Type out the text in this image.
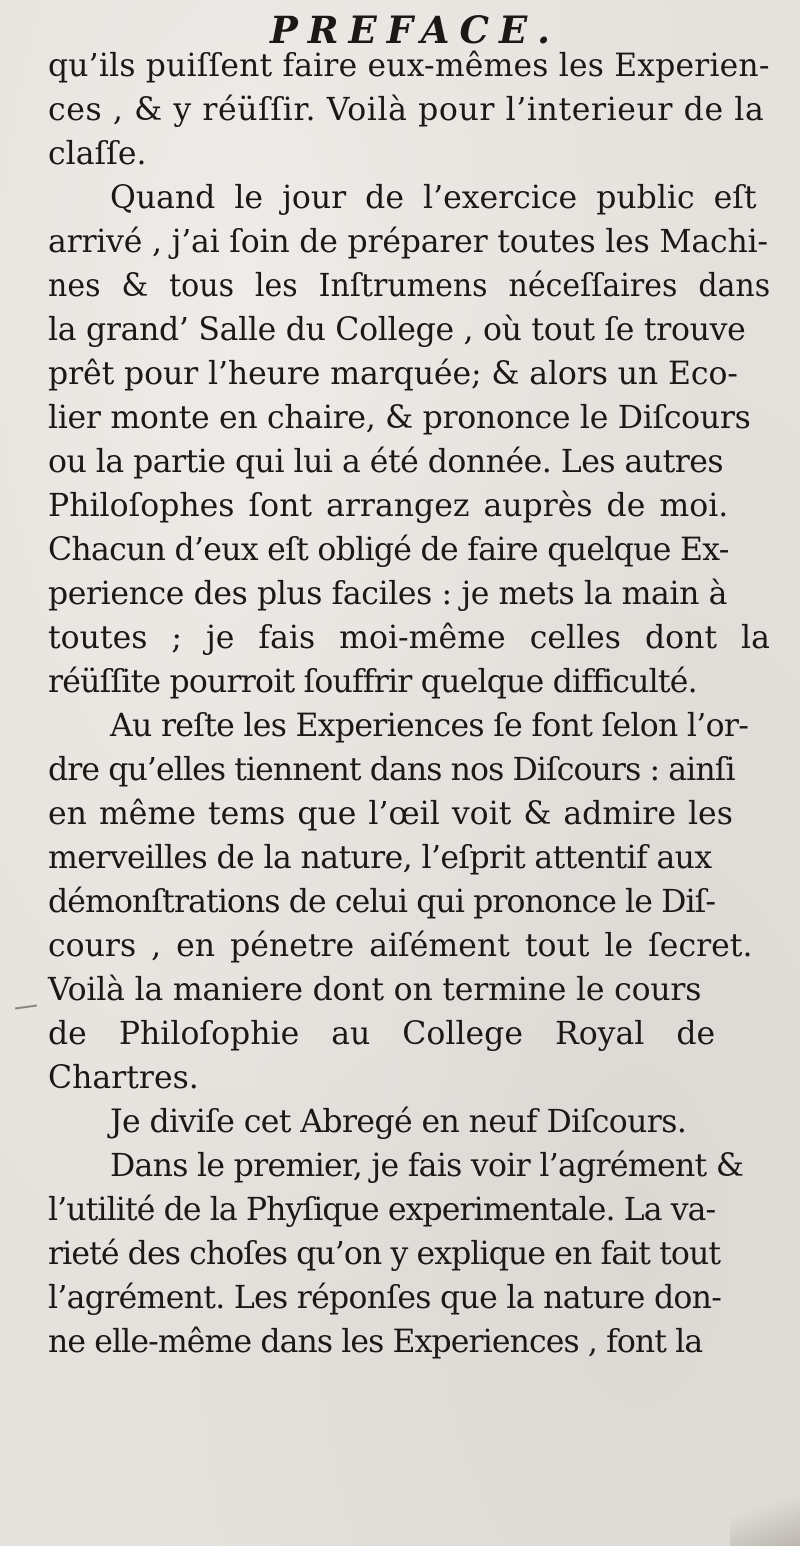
PREFACE.
qu’ils puiſſent faire eux-mêmes les Experien-
ces , & y réüſſir. Voilà pour l’interieur de la
claſſe.
Quand le jour de l’exercice public eſt
arrivé , j’ai ſoin de préparer toutes les Machi-
nes & tous les Inſtrumens néceſſaires dans
la grand’ Salle du College , où tout ſe trouve
prêt pour l’heure marquée; & alors un Eco-
lier monte en chaire, & prononce le Diſcours
ou la partie qui lui a été donnée. Les autres
Philoſophes ſont arrangez auprès de moi.
Chacun d’eux eſt obligé de faire quelque Ex-
perience des plus faciles : je mets la main à
toutes ; je fais moi-même celles dont la
réüſſite pourroit ſouffrir quelque difficulté.
Au reſte les Experiences ſe font ſelon l’or-
dre qu’elles tiennent dans nos Diſcours : ainſi
en même tems que l’œil voit & admire les
merveilles de la nature, l’eſprit attentif aux
démonſtrations de celui qui prononce le Diſ-
cours , en pénetre aiſément tout le ſecret.
Voilà la maniere dont on termine le cours
de Philoſophie au College Royal de
Chartres.
Je diviſe cet Abregé en neuf Diſcours.
Dans le premier, je fais voir l’agrément &
l’utilité de la Phyſique experimentale. La va-
rieté des choſes qu’on y explique en fait tout
l’agrément. Les réponſes que la nature don-
ne elle-même dans les Experiences , font la
